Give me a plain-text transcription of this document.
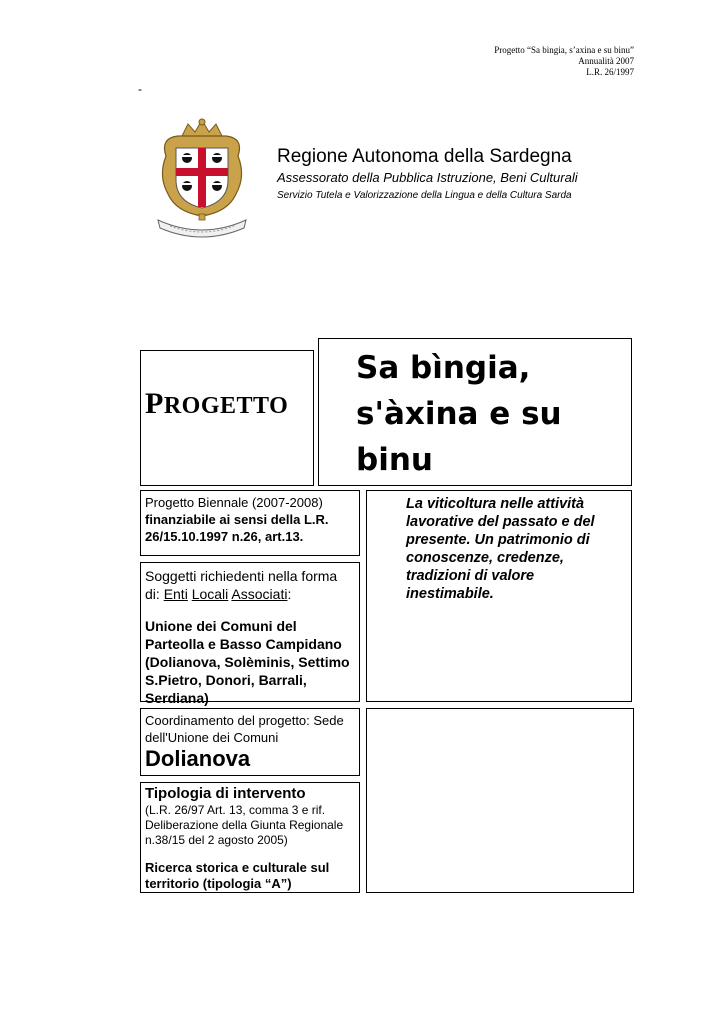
Progetto “Sa bìngia, s’axina e su binu”
Annualità 2007
L.R. 26/1997
-
Regione Autonoma della Sardegna
Assessorato della Pubblica Istruzione, Beni Culturali
Servizio Tutela e Valorizzazione della Lingua e della Cultura Sarda
PROGETTO
Sa bìngia,
s'àxina e su
binu
Progetto Biennale (2007-2008)
finanziabile ai sensi della L.R. 26/15.10.1997 n.26, art.13.
La viticoltura nelle attività lavorative del passato e del presente. Un patrimonio di conoscenze, credenze, tradizioni di valore inestimabile.
Soggetti richiedenti nella forma di: Enti Locali Associati:
Unione dei Comuni del Parteolla e Basso Campidano (Dolianova, Solèminis, Settimo S.Pietro, Donori, Barrali, Serdiana)
Coordinamento del progetto: Sede dell'Unione dei Comuni
Dolianova
Tipologia di intervento
(L.R. 26/97 Art. 13, comma 3 e rif. Deliberazione della Giunta Regionale n.38/15 del 2 agosto 2005)
Ricerca storica e culturale sul territorio (tipologia “A”)
